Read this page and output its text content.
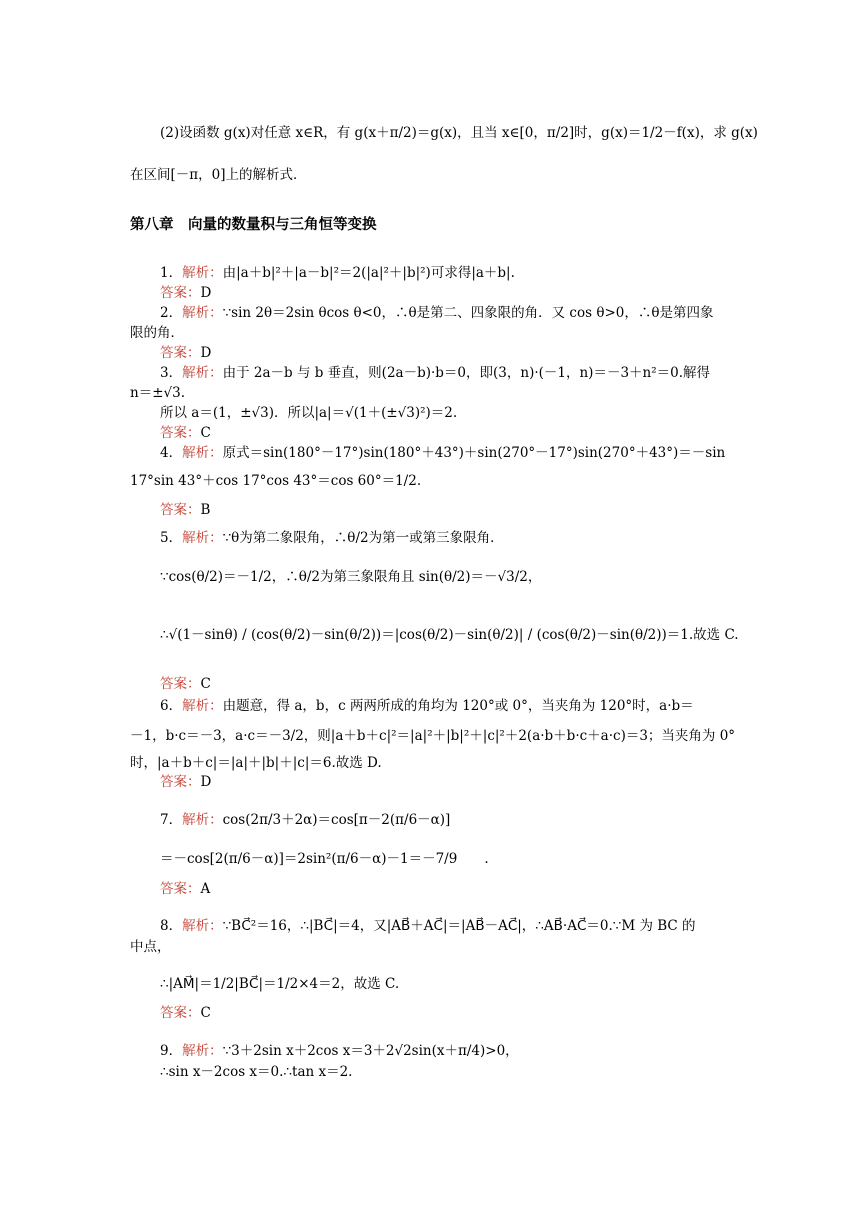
(2)设函数 g(x)对任意 x∈R，有 g(x＋π/2)＝g(x)，且当 x∈[0，π/2]时，g(x)＝1/2－f(x)，求 g(x)
在区间[－π，0]上的解析式．
第八章　向量的数量积与三角恒等变换
1．解析：由|a＋b|²＋|a－b|²＝2(|a|²＋|b|²)可求得|a＋b|.
答案：D
2．解析：∵sin 2θ＝2sin θcos θ<0，∴θ是第二、四象限的角．又 cos θ>0，∴θ是第四象
限的角．
答案：D
3．解析：由于 2a－b 与 b 垂直，则(2a－b)·b＝0，即(3，n)·(－1，n)＝－3＋n²＝0.解得
n＝±√3.
所以 a＝(1，±√3)．所以|a|＝√(1＋(±√3)²)＝2.
答案：C
4．解析：原式＝sin(180°－17°)sin(180°＋43°)＋sin(270°－17°)sin(270°＋43°)＝－sin
17°sin 43°＋cos 17°cos 43°＝cos 60°＝1/2.
答案：B
5．解析：∵θ为第二象限角，∴θ/2为第一或第三象限角．
∵cos(θ/2)＝－1/2，∴θ/2为第三象限角且 sin(θ/2)＝－√3/2，
∴√(1－sinθ) / (cos(θ/2)－sin(θ/2))＝|cos(θ/2)－sin(θ/2)| / (cos(θ/2)－sin(θ/2))＝1.故选 C.
答案：C
6．解析：由题意，得 a，b，c 两两所成的角均为 120°或 0°，当夹角为 120°时，a·b＝
－1，b·c＝－3，a·c＝－3/2，则|a＋b＋c|²＝|a|²＋|b|²＋|c|²＋2(a·b＋b·c＋a·c)＝3；当夹角为 0°
时，|a＋b＋c|＝|a|＋|b|＋|c|＝6.故选 D.
答案：D
7．解析：cos(2π/3＋2α)＝cos[π－2(π/6－α)]
＝－cos[2(π/6－α)]＝2sin²(π/6－α)－1＝－7/9　　.
答案：A
8．解析：∵BC⃗²＝16，∴|BC⃗|＝4，又|AB⃗＋AC⃗|＝|AB⃗－AC⃗|，∴AB⃗·AC⃗＝0.∵M 为 BC 的
中点，
∴|AM⃗|＝1/2|BC⃗|＝1/2×4＝2，故选 C.
答案：C
9．解析：∵3＋2sin x＋2cos x＝3＋2√2sin(x＋π/4)>0，
∴sin x－2cos x＝0.∴tan x＝2.
